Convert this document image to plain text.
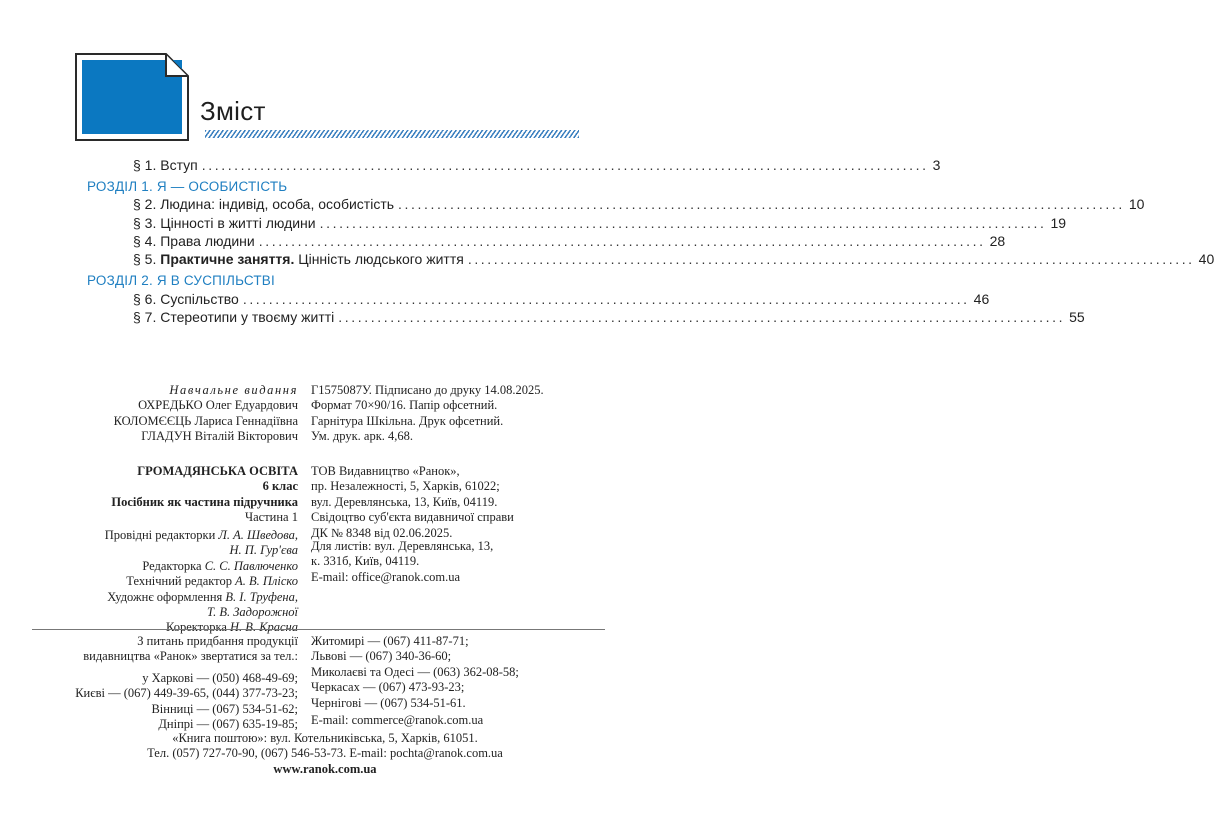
Зміст
§ 1. Вступ ................................................................................................................ 3
РОЗДІЛ 1. Я — ОСОБИСТІСТЬ
§ 2. Людина: індивід, особа, особистість ................................................................................................................ 10
§ 3. Цінності в житті людини ................................................................................................................ 19
§ 4. Права людини ................................................................................................................ 28
§ 5. Практичне заняття. Цінність людського життя ................................................................................................................ 40
РОЗДІЛ 2. Я В СУСПІЛЬСТВІ
§ 6. Суспільство ................................................................................................................ 46
§ 7. Стереотипи у твоєму житті ................................................................................................................ 55
Навчальне видання
ОХРЕДЬКО Олег Едуардович
КОЛОМЄЄЦЬ Лариса Геннадіївна
ГЛАДУН Віталій Вікторович
ГРОМАДЯНСЬКА ОСВІТА
6 клас
Посібник як частина підручника
Частина 1
Провідні редакторки Л. А. Шведова,
Н. П. Гур'єва
Редакторка С. С. Павлюченко
Технічний редактор А. В. Пліско
Художнє оформлення В. І. Труфена,
Т. В. Задорожної
Коректорка Н. В. Красна
Г1575087У. Підписано до друку 14.08.2025.
Формат 70×90/16. Папір офсетний.
Гарнітура Шкільна. Друк офсетний.
Ум. друк. арк. 4,68.
ТОВ Видавництво «Ранок»,
пр. Незалежності, 5, Харків, 61022;
вул. Деревлянська, 13, Київ, 04119.
Свідоцтво суб'єкта видавничої справи
ДК № 8348 від 02.06.2025.
Для листів: вул. Деревлянська, 13,
к. 331б, Київ, 04119.
E-mail: office@ranok.com.ua
З питань придбання продукції
видавництва «Ранок» звертатися за тел.:
у Харкові — (050) 468-49-69;
Києві — (067) 449-39-65, (044) 377-73-23;
Вінниці — (067) 534-51-62;
Дніпрі — (067) 635-19-85;
Житомирі — (067) 411-87-71;
Львові — (067) 340-36-60;
Миколаєві та Одесі — (063) 362-08-58;
Черкасах — (067) 473-93-23;
Чернігові — (067) 534-51-61.
E-mail: commerce@ranok.com.ua
«Книга поштою»: вул. Котельниківська, 5, Харків, 61051.
Тел. (057) 727-70-90, (067) 546-53-73. E-mail: pochta@ranok.com.ua
www.ranok.com.ua
